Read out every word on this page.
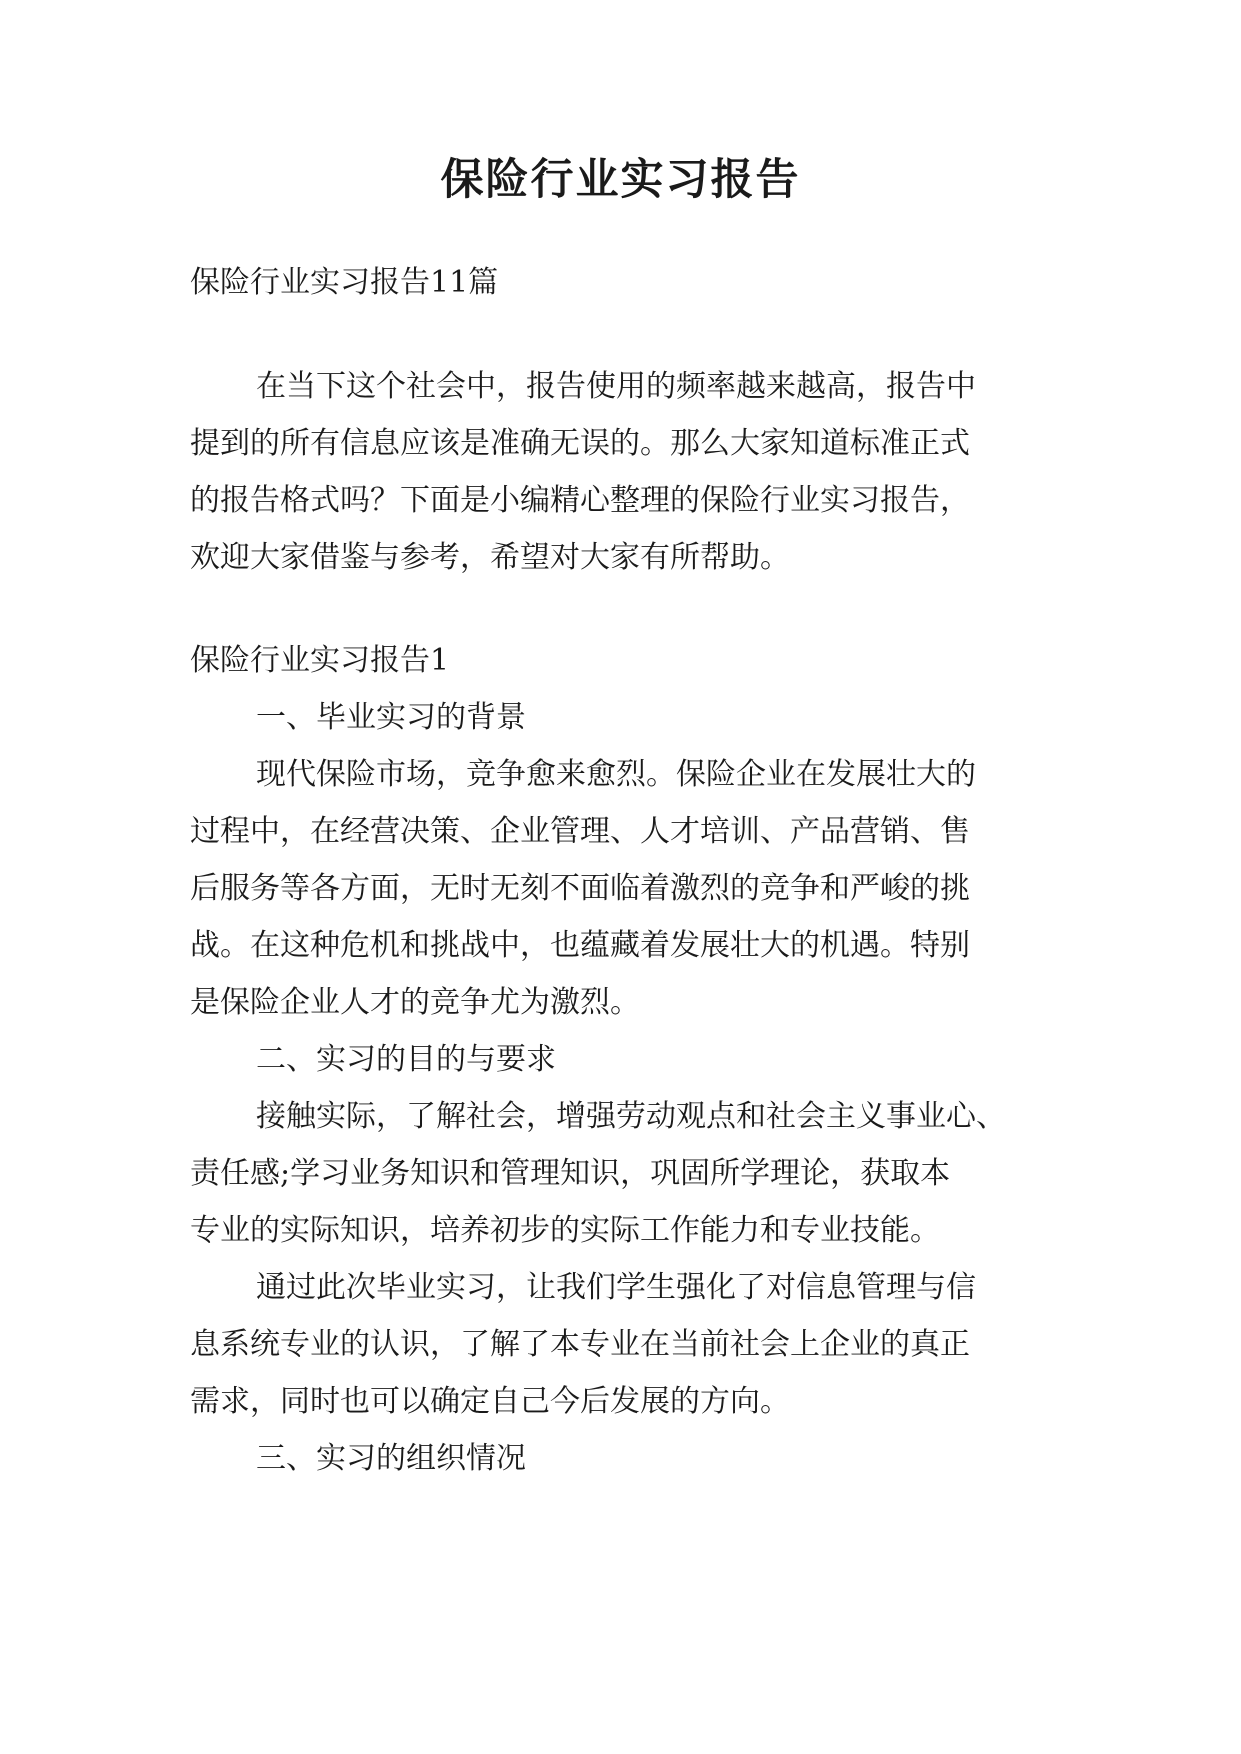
保险行业实习报告
保险行业实习报告11篇
在当下这个社会中，报告使用的频率越来越高，报告中
提到的所有信息应该是准确无误的。那么大家知道标准正式
的报告格式吗？下面是小编精心整理的保险行业实习报告，
欢迎大家借鉴与参考，希望对大家有所帮助。
保险行业实习报告1
一、毕业实习的背景
现代保险市场，竞争愈来愈烈。保险企业在发展壮大的
过程中，在经营决策、企业管理、人才培训、产品营销、售
后服务等各方面，无时无刻不面临着激烈的竞争和严峻的挑
战。在这种危机和挑战中，也蕴藏着发展壮大的机遇。特别
是保险企业人才的竞争尤为激烈。
二、实习的目的与要求
接触实际，了解社会，增强劳动观点和社会主义事业心、
责任感;学习业务知识和管理知识，巩固所学理论，获取本
专业的实际知识，培养初步的实际工作能力和专业技能。
通过此次毕业实习，让我们学生强化了对信息管理与信
息系统专业的认识，了解了本专业在当前社会上企业的真正
需求，同时也可以确定自己今后发展的方向。
三、实习的组织情况
